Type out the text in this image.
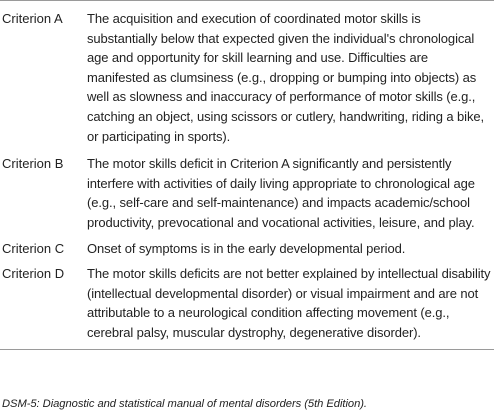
Criterion A	The acquisition and execution of coordinated motor skills is substantially below that expected given the individual's chronological age and opportunity for skill learning and use. Difficulties are manifested as clumsiness (e.g., dropping or bumping into objects) as well as slowness and inaccuracy of performance of motor skills (e.g., catching an object, using scissors or cutlery, handwriting, riding a bike, or participating in sports).
Criterion B	The motor skills deficit in Criterion A significantly and persistently interfere with activities of daily living appropriate to chronological age (e.g., self-care and self-maintenance) and impacts academic/school productivity, prevocational and vocational activities, leisure, and play.
Criterion C	Onset of symptoms is in the early developmental period.
Criterion D	The motor skills deficits are not better explained by intellectual disability (intellectual developmental disorder) or visual impairment and are not attributable to a neurological condition affecting movement (e.g., cerebral palsy, muscular dystrophy, degenerative disorder).
DSM-5: Diagnostic and statistical manual of mental disorders (5th Edition).
